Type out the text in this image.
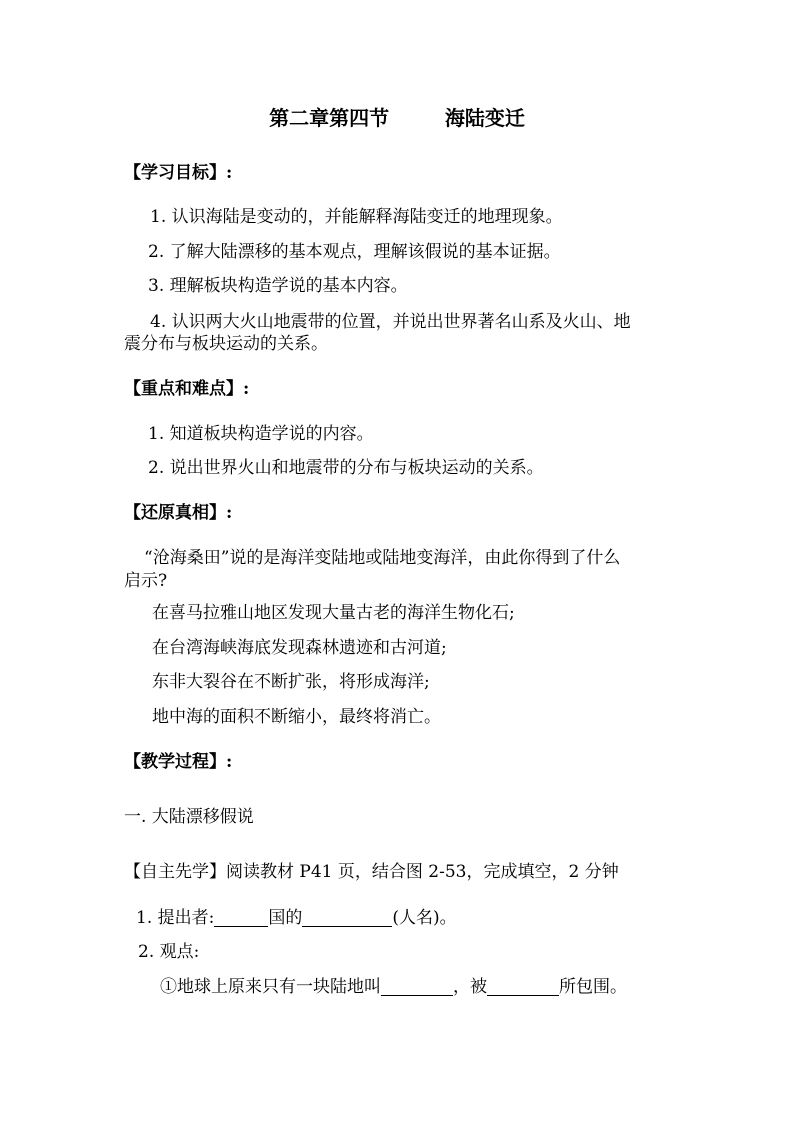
第二章第四节	海陆变迁
【学习目标】:
1. 认识海陆是变动的，并能解释海陆变迁的地理现象。
2. 了解大陆漂移的基本观点，理解该假说的基本证据。
3. 理解板块构造学说的基本内容。
4. 认识两大火山地震带的位置，并说出世界著名山系及火山、地
震分布与板块运动的关系。
【重点和难点】:
1. 知道板块构造学说的内容。
2. 说出世界火山和地震带的分布与板块运动的关系。
【还原真相】:
“沧海桑田”说的是海洋变陆地或陆地变海洋，由此你得到了什么
启示?
在喜马拉雅山地区发现大量古老的海洋生物化石;
在台湾海峡海底发现森林遗迹和古河道;
东非大裂谷在不断扩张，将形成海洋;
地中海的面积不断缩小，最终将消亡。
【教学过程】:
一. 大陆漂移假说
【自主先学】阅读教材 P41 页，结合图 2-53，完成填空，2 分钟
1. 提出者:	国的	(人名)。
2. 观点:
①地球上原来只有一块陆地叫	，被	所包围。
